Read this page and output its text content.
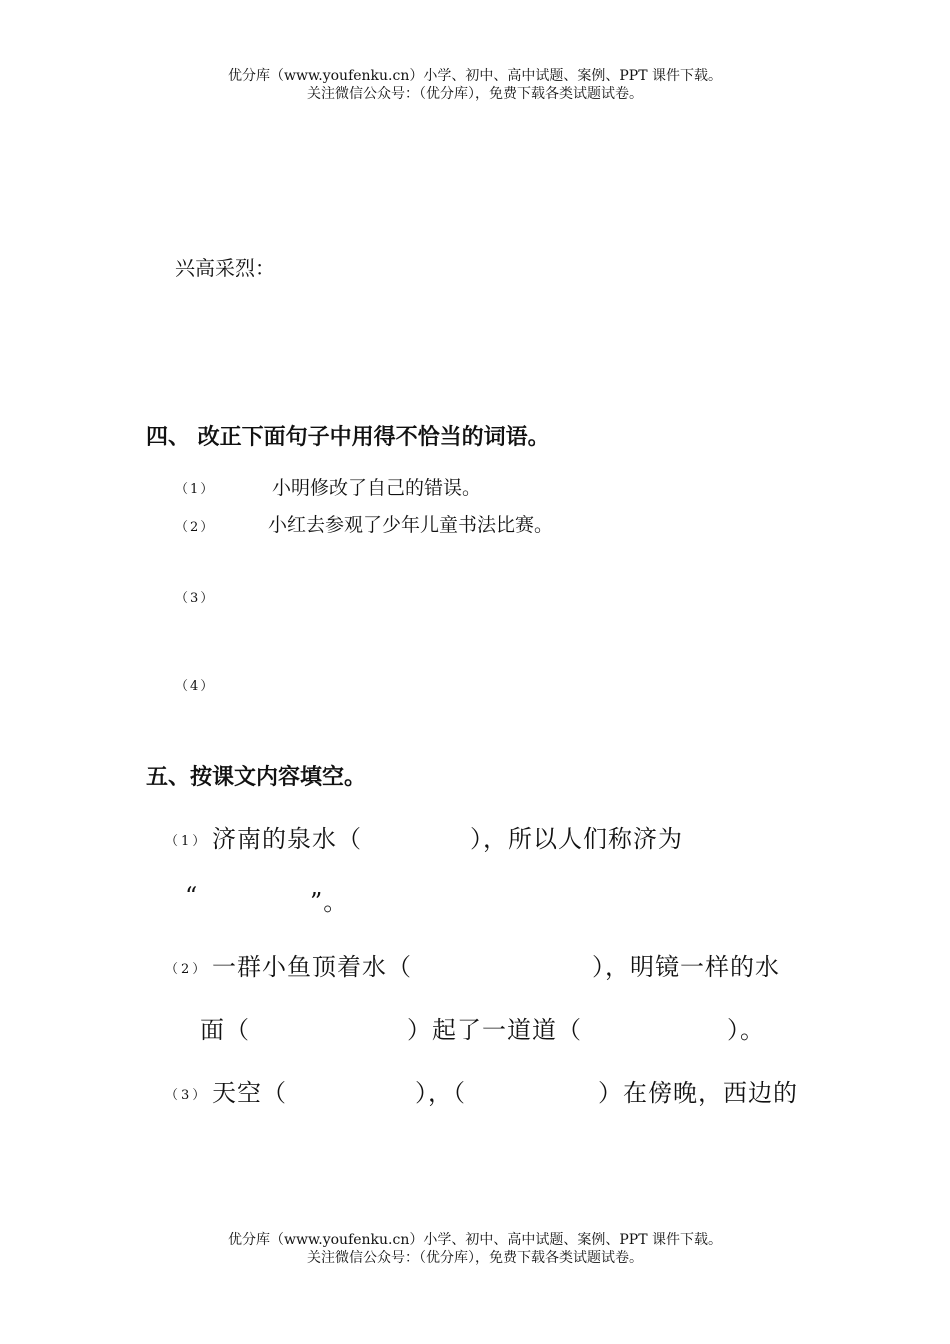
优分库（www.youfenku.cn）小学、初中、高中试题、案例、PPT 课件下载。
关注微信公众号：（优分库），免费下载各类试题试卷。
兴高采烈：
四、 改正下面句子中用得不恰当的词语。
（1）	小明修改了自己的错误。
（2）	小红去参观了少年儿童书法比赛。
（3）
（4）
五、按课文内容填空。
（1） 济南的泉水（	），所以人们称济为
“	”。
（2） 一群小鱼顶着水（	），明镜一样的水
面（	）起了一道道（	）。
（3） 天空（	），（	）在傍晚，西边的
优分库（www.youfenku.cn）小学、初中、高中试题、案例、PPT 课件下载。
关注微信公众号：（优分库），免费下载各类试题试卷。
